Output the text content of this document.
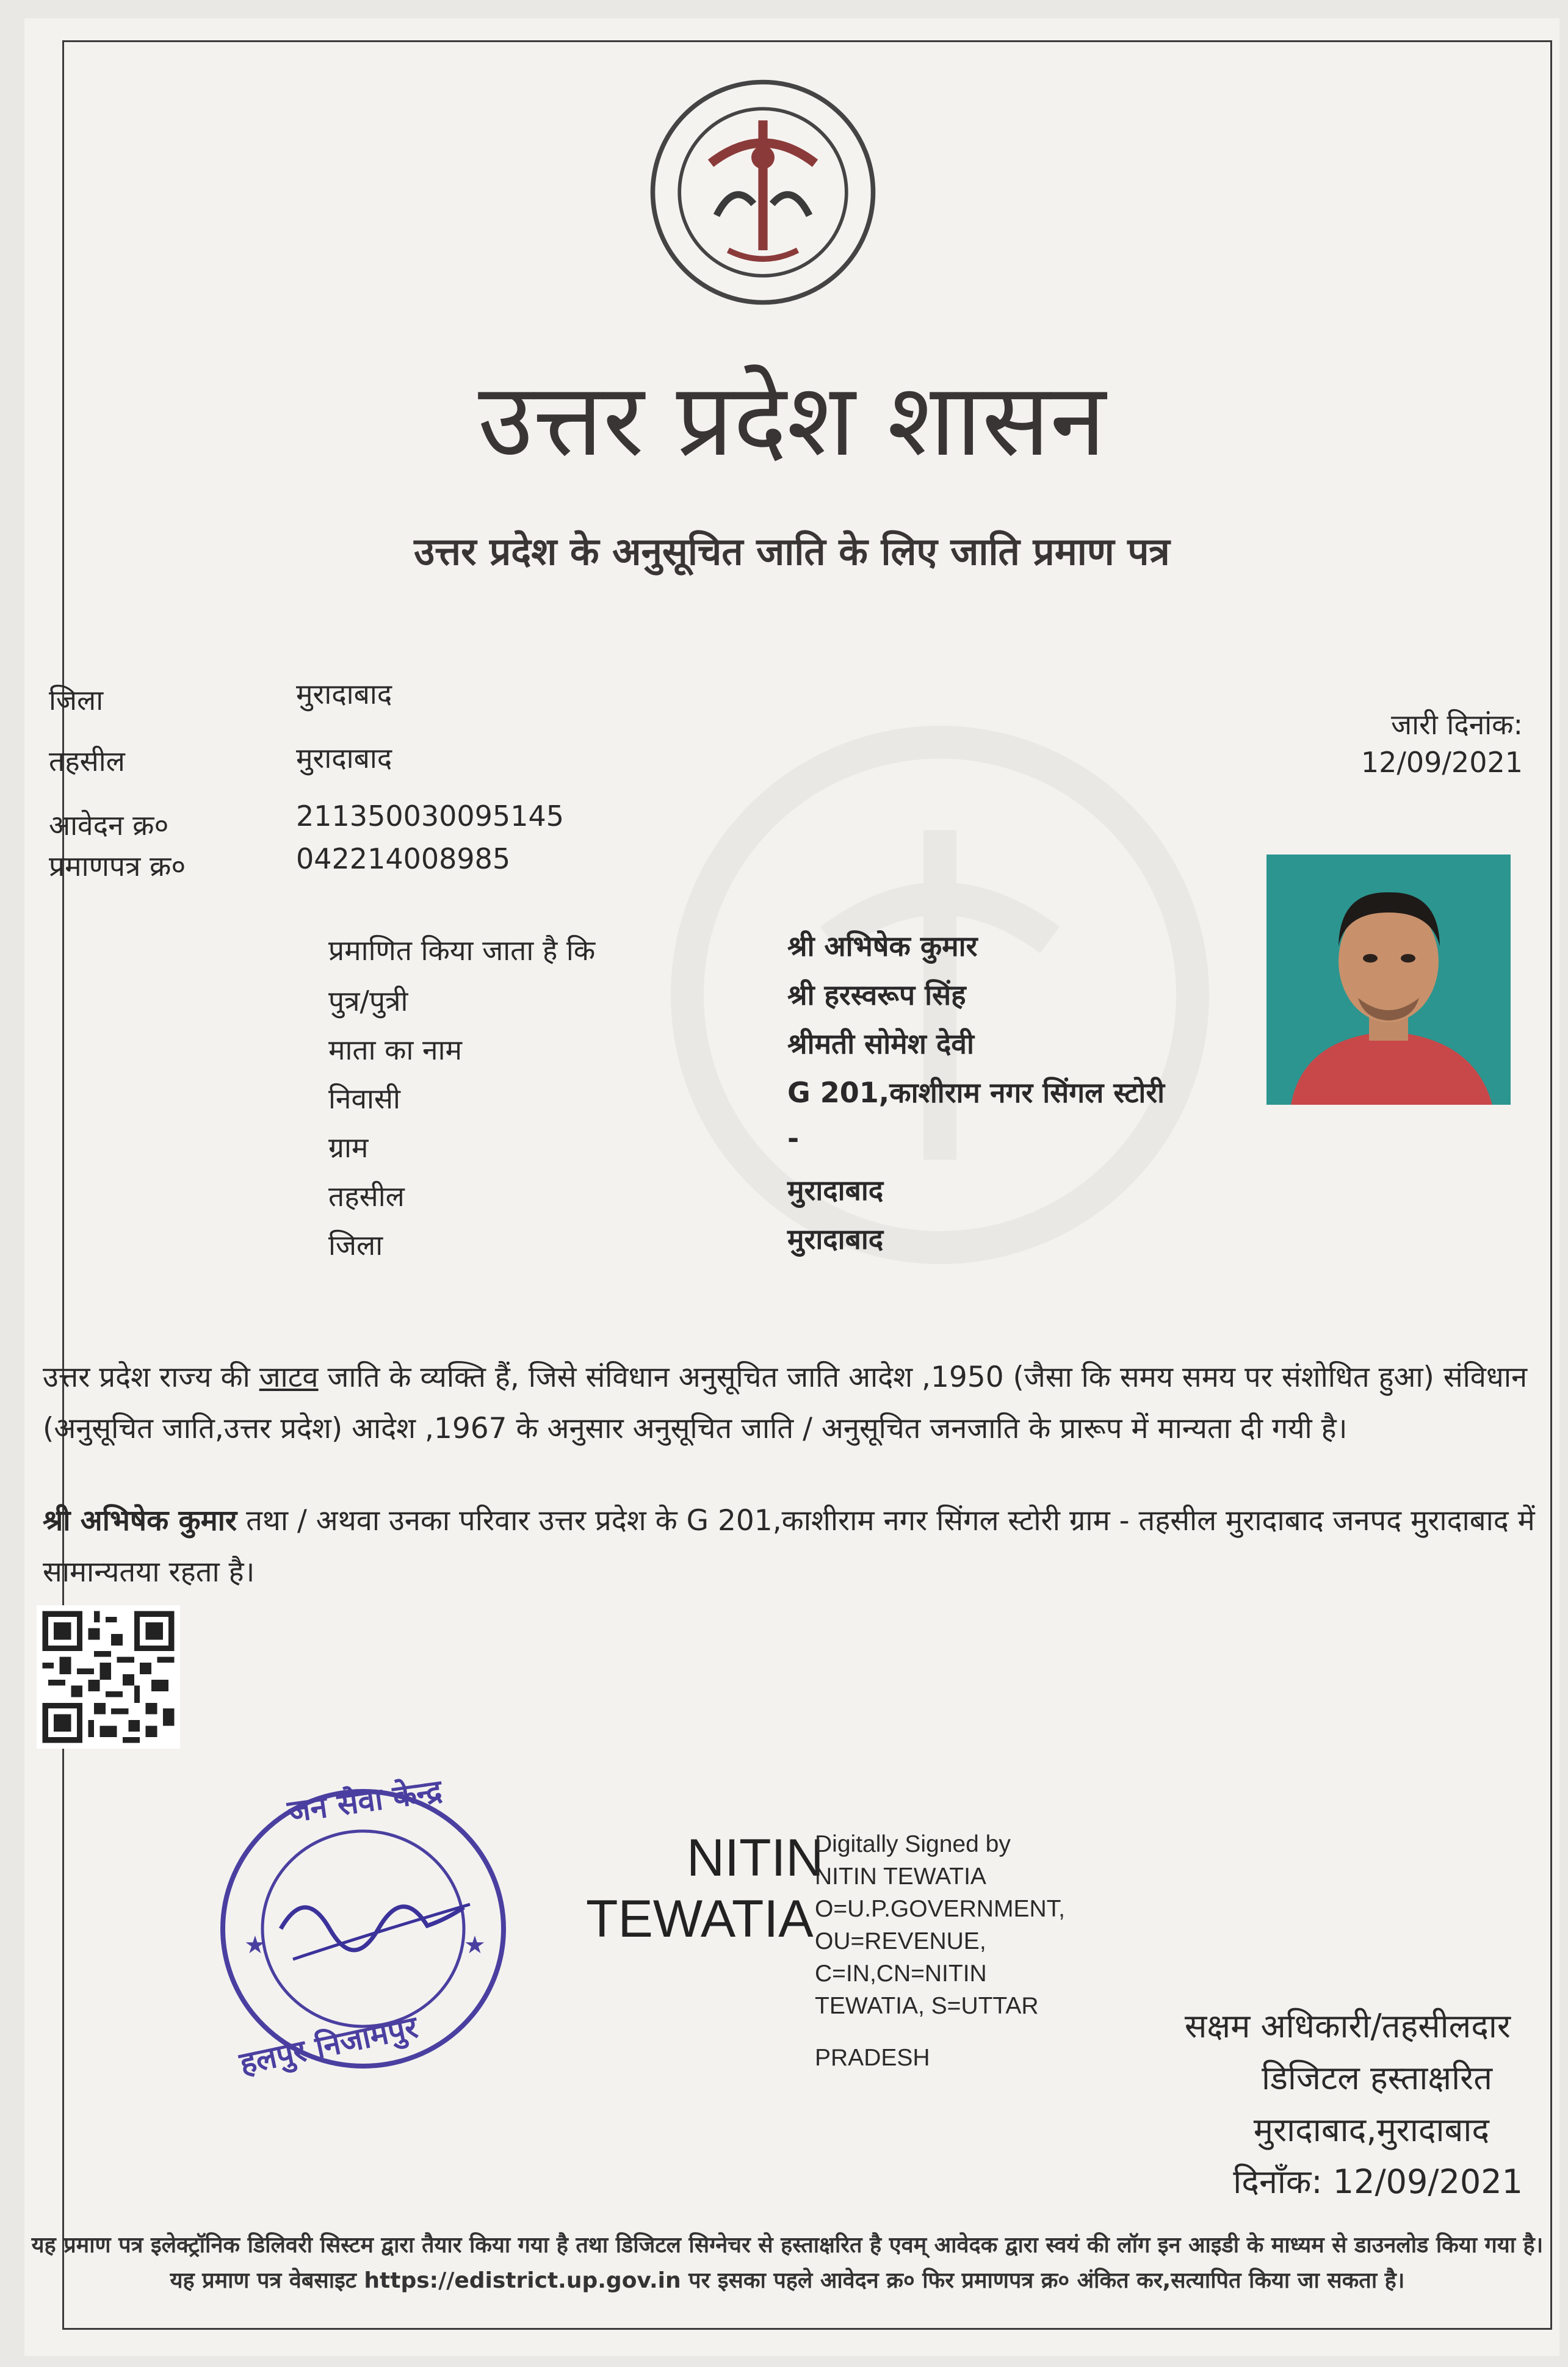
उत्तर प्रदेश शासन
उत्तर प्रदेश के अनुसूचित जाति के लिए जाति प्रमाण पत्र
जिला	मुरादाबाद
तहसील	मुरादाबाद
आवेदन क्र०	211350030095145
प्रमाणपत्र क्र०	042214008985
जारी दिनांक:
12/09/2021
प्रमाणित किया जाता है कि	श्री अभिषेक कुमार
पुत्र/पुत्री	श्री हरस्वरूप सिंह
माता का नाम	श्रीमती सोमेश देवी
निवासी	G 201,काशीराम नगर सिंगल स्टोरी
ग्राम	-
तहसील	मुरादाबाद
जिला	मुरादाबाद
उत्तर प्रदेश राज्य की जाटव जाति के व्यक्ति हैं, जिसे संविधान अनुसूचित जाति आदेश ,1950 (जैसा कि समय समय पर संशोधित हुआ) संविधान (अनुसूचित जाति,उत्तर प्रदेश) आदेश ,1967 के अनुसार अनुसूचित जाति / अनुसूचित जनजाति के प्रारूप में मान्यता दी गयी है।
श्री अभिषेक कुमार तथा / अथवा उनका परिवार उत्तर प्रदेश के G 201,काशीराम नगर सिंगल स्टोरी ग्राम - तहसील मुरादाबाद जनपद मुरादाबाद में सामान्यतया रहता है।
★	★
जन सेवा केन्द्र
हलपुर निजामपुर
NITIN
TEWATIA
Digitally Signed by
NITIN TEWATIA
O=U.P.GOVERNMENT,
OU=REVENUE,
C=IN,CN=NITIN
TEWATIA, S=UTTAR
PRADESH
सक्षम अधिकारी/तहसीलदार
डिजिटल हस्ताक्षरित
मुरादाबाद,मुरादाबाद
दिनाँक: 12/09/2021
यह प्रमाण पत्र इलेक्ट्रॉनिक डिलिवरी सिस्टम द्वारा तैयार किया गया है तथा डिजिटल सिग्नेचर से हस्ताक्षरित है एवम् आवेदक द्वारा स्वयं की लॉग इन आइडी के माध्यम से डाउनलोड किया गया है। यह प्रमाण पत्र वेबसाइट https://edistrict.up.gov.in पर इसका पहले आवेदन क्र० फिर प्रमाणपत्र क्र० अंकित कर,सत्यापित किया जा सकता है।
